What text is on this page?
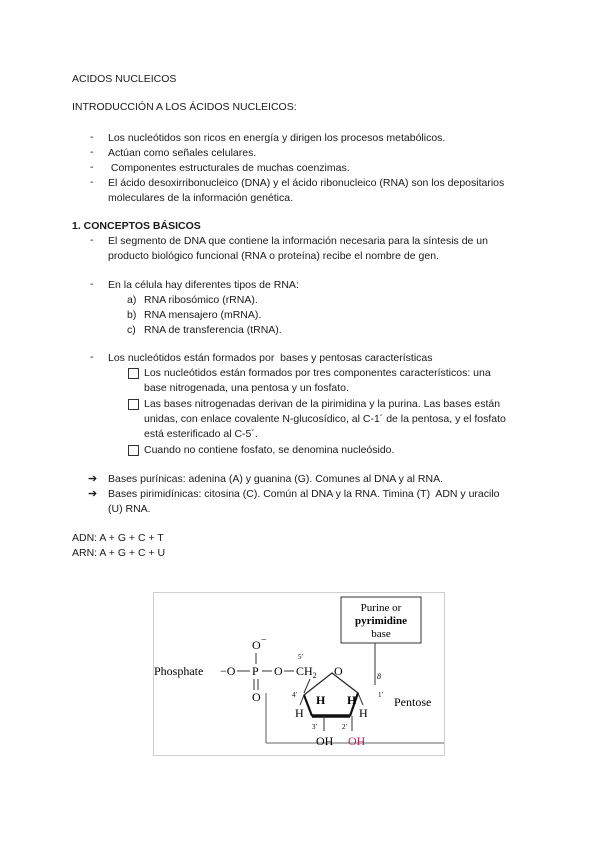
ACIDOS NUCLEICOS
INTRODUCCIÓN A LOS ÁCIDOS NUCLEICOS:
- Los nucleótidos son ricos en energía y dirigen los procesos metabólicos.
- Actúan como señales celulares.
- Componentes estructurales de muchas coenzimas.
- El ácido desoxirribonucleico (DNA) y el ácido ribonucleico (RNA) son los depositarios
moleculares de la información genética.
1. CONCEPTOS BÁSICOS
- El segmento de DNA que contiene la información necesaria para la síntesis de un
producto biológico funcional (RNA o proteína) recibe el nombre de gen.
- En la célula hay diferentes tipos de RNA:
a) RNA ribosómico (rRNA).
b) RNA mensajero (mRNA).
c) RNA de transferencia (tRNA).
- Los nucleótidos están formados por  bases y pentosas características
Los nucleótidos están formados por tres componentes característicos: una
base nitrogenada, una pentosa y un fosfato.
Las bases nitrogenadas derivan de la pirimidina y la purina. Las bases están
unidas, con enlace covalente N-glucosídico, al C-1´ de la pentosa, y el fosfato
está esterificado al C-5´.
Cuando no contiene fosfato, se denomina nucleósido.
➔ Bases purínicas: adenina (A) y guanina (G). Comunes al DNA y al RNA.
➔ Bases pirimidínicas: citosina (C). Común al DNA y la RNA. Timina (T)  ADN y uracilo
(U) RNA.
ADN: A + G + C + T
ARN: A + G + C + U
Purine or
pyrimidine
base
8
Phosphate −O P
O −
O
O
5′
$CH_2$ O
4′	1′
3′	2′
H H
H	H
OH OH
Pentose
